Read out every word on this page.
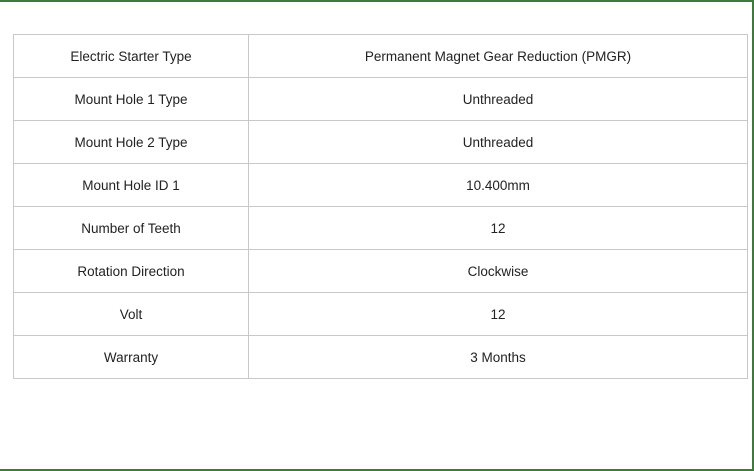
Electric Starter Type	Permanent Magnet Gear Reduction (PMGR)
Mount Hole 1 Type	Unthreaded
Mount Hole 2 Type	Unthreaded
Mount Hole ID 1	10.400mm
Number of Teeth	12
Rotation Direction	Clockwise
Volt	12
Warranty	3 Months
